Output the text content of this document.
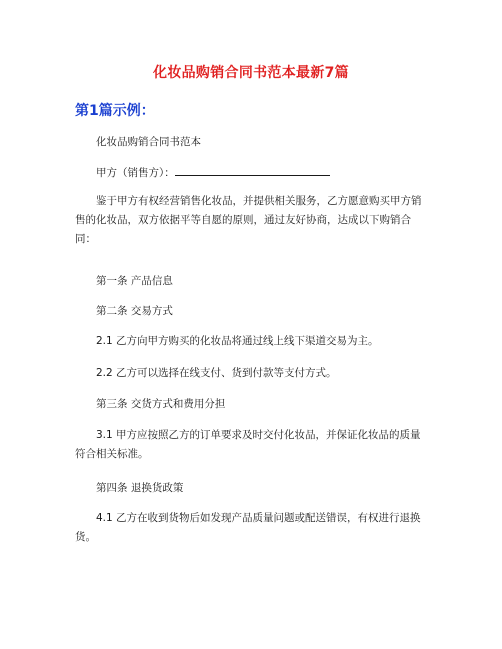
化妆品购销合同书范本最新7篇
第1篇示例：

化妆品购销合同书范本

甲方（销售方）：

鉴于甲方有权经营销售化妆品，并提供相关服务，乙方愿意购买甲方销售的化妆品，双方依据平等自愿的原则，通过友好协商，达成以下购销合同：

第一条 产品信息

第二条 交易方式

2.1 乙方向甲方购买的化妆品将通过线上线下渠道交易为主。

2.2 乙方可以选择在线支付、货到付款等支付方式。

第三条 交货方式和费用分担

3.1 甲方应按照乙方的订单要求及时交付化妆品，并保证化妆品的质量符合相关标准。

第四条 退换货政策

4.1 乙方在收到货物后如发现产品质量问题或配送错误，有权进行退换货。
